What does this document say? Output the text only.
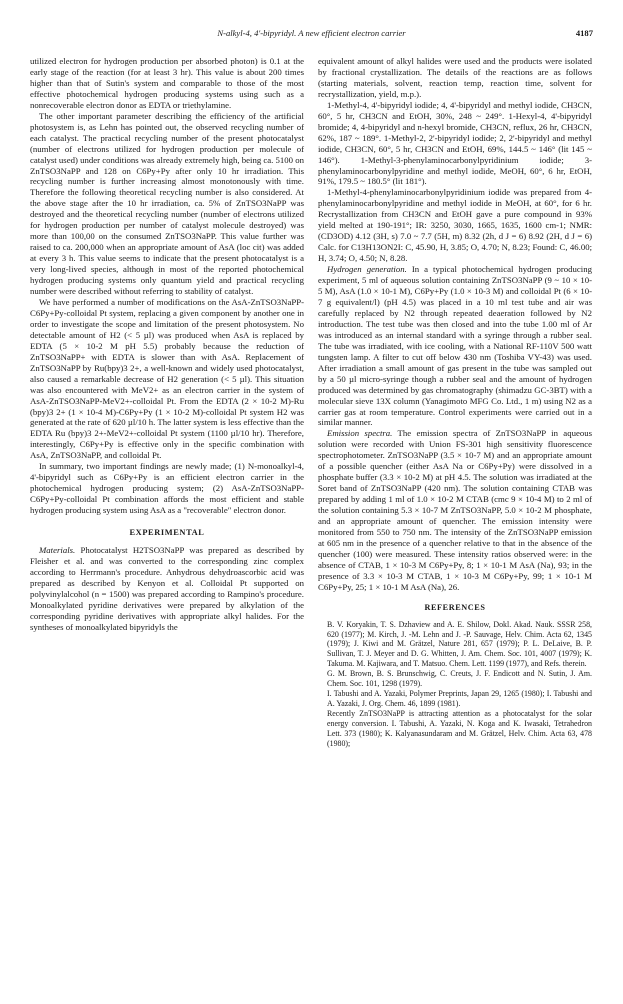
N-alkyl-4, 4'-bipyridyl. A new efficient electron carrier	4187

utilized electron for hydrogen production per absorbed photon) is 0.1 at the early stage of the reaction (for at least 3 hr). This value is about 200 times higher than that of Sutin's system and comparable to those of the most effective photochemical hydrogen producing systems using such as a nonrecoverable electron donor as EDTA or triethylamine.

The other important parameter describing the efficiency of the artificial photosystem is, as Lehn has pointed out, the observed recycling number of each catalyst. The practical recycling number of the present photocatalyst (number of electrons utilized for hydrogen production per molecule of catalyst used) under conditions was already extremely high, being ca. 5100 on ZnTSO3NaPP and 128 on C6Py+Py after only 10 hr irradiation. This recycling number is further increasing almost monotonously with time. Therefore the following theoretical recycling number is also considered. At the above stage after the 10 hr irradiation, ca. 5% of ZnTSO3NaPP was destroyed and the theoretical recycling number (number of electrons utilized for hydrogen production per number of catalyst molecule destroyed) was more than 100,00 on the consumed ZnTSO3NaPP. This value further was raised to ca. 200,000 when an appropriate amount of AsA (loc cit) was added at every 3 h. This value seems to indicate that the present photocatalyst is a very long-lived species, although in most of the reported photochemical hydrogen producing systems only quantum yield and practical recycling number were described without referring to stability of catalyst.

We have performed a number of modifications on the AsA-ZnTSO3NaPP-C6Py+Py-colloidal Pt system, replacing a given component by another one in order to investigate the scope and limitation of the present photosystem. No detectable amount of H2 (< 5 µl) was produced when AsA is replaced by EDTA (5 × 10-2 M pH 5.5) probably because the reduction of ZnTSO3NaPP+ with EDTA is slower than with AsA. Replacement of ZnTSO3NaPP by Ru(bpy)3 2+, a well-known and widely used photocatalyst, also caused a remarkable decrease of H2 generation (< 5 µl). This situation was also encountered with MeV2+ as an electron carrier in the system of AsA-ZnTSO3NaPP-MeV2+-colloidal Pt. From the EDTA (2 × 10-2 M)-Ru (bpy)3 2+ (1 × 10-4 M)-C6Py+Py (1 × 10-2 M)-colloidal Pt system H2 was generated at the rate of 620 µl/10 h. The latter system is less effective than the EDTA Ru (bpy)3 2+-MeV2+-colloidal Pt system (1100 µl/10 hr). Therefore, interestingly, C6Py+Py is effective only in the specific combination with AsA, ZnTSO3NaPP, and colloidal Pt.

In summary, two important findings are newly made; (1) N-monoalkyl-4, 4'-bipyridyl such as C6Py+Py is an efficient electron carrier in the photochemical hydrogen producing system; (2) AsA-ZnTSO3NaPP-C6Py+Py-colloidal Pt combination affords the most efficient and stable hydrogen producing system using AsA as a "recoverable" electron donor.

EXPERIMENTAL

Materials. Photocatalyst H2TSO3NaPP was prepared as described by Fleisher et al. and was converted to the corresponding zinc complex according to Herrmann's procedure. Anhydrous dehydroascorbic acid was prepared as described by Kenyon et al. Colloidal Pt supported on polyvinylalcohol (n = 1500) was prepared according to Rampino's procedure. Monoalkylated pyridine derivatives were prepared by alkylation of the corresponding pyridine derivatives with appropriate alkyl halides. For the syntheses of monoalkylated bipyridyls the

equivalent amount of alkyl halides were used and the products were isolated by fractional crystallization. The details of the reactions are as follows (starting materials, solvent, reaction temp, reaction time, solvent for recrystallization, yield, m.p.).

1-Methyl-4, 4'-bipyridyl iodide; 4, 4'-bipyridyl and methyl iodide, CH3CN, 60°, 5 hr, CH3CN and EtOH, 30%, 248 ~ 249°. 1-Hexyl-4, 4'-bipyridyl bromide; 4, 4-bipyridyl and n-hexyl bromide, CH3CN, reflux, 26 hr, CH3CN, 62%, 187 ~ 189°. 1-Methyl-2, 2'-bipyridyl iodide; 2, 2'-bipyridyl and methyl iodide, CH3CN, 60°, 5 hr, CH3CN and EtOH, 69%, 144.5 ~ 146° (lit 145 ~ 146°). 1-Methyl-3-phenylaminocarbonylpyridinium iodide; 3-phenylaminocarbonylpyridine and methyl iodide, MeOH, 60°, 6 hr, EtOH, 91%, 179.5 ~ 180.5° (lit 181°).

1-Methyl-4-phenylaminocarbonylpyridinium iodide was prepared from 4-phenylaminocarbonylpyridine and methyl iodide in MeOH, at 60°, for 6 hr. Recrystallization from CH3CN and EtOH gave a pure compound in 93% yield melted at 190-191°; IR: 3250, 3030, 1665, 1635, 1600 cm-1; NMR: (CD3OD) 4.12 (3H, s) 7.0 ~ 7.7 (5H, m) 8.32 (2h, d J = 6) 8.92 (2H, d J = 6) Calc. for C13H13ON2I: C, 45.90, H, 3.85; O, 4.70; N, 8.23; Found: C, 46.00; H, 3.74; O, 4.50; N, 8.28.

Hydrogen generation. In a typical photochemical hydrogen producing experiment, 5 ml of aqueous solution containing ZnTSO3NaPP (9 ~ 10 × 10-5 M), AsA (1.0 × 10-1 M), C6Py+Py (1.0 × 10-3 M) and colloidal Pt (6 × 10-7 g equivalent/l) (pH 4.5) was placed in a 10 ml test tube and air was carefully replaced by N2 through repeated deaeration followed by N2 introduction. The test tube was then closed and into the tube 1.00 ml of Ar was introduced as an internal standard with a syringe through a rubber seal. The tube was irradiated, with ice cooling, with a National RF-110V 500 watt tungsten lamp. A filter to cut off below 430 nm (Toshiba VY-43) was used. After irradiation a small amount of gas present in the tube was sampled out by a 50 µl micro-syringe though a rubber seal and the amount of hydrogen produced was determined by gas chromatography (shimadzu GC-3BT) with a molecular sieve 13X column (Yanagimoto MFG Co. Ltd., 1 m) using N2 as a carrier gas at room temperature. Control experiments were carried out in a similar manner.

Emission spectra. The emission spectra of ZnTSO3NaPP in aqueous solution were recorded with Union FS-301 high sensitivity fluorescence spectrophotometer. ZnTSO3NaPP (3.5 × 10-7 M) and an appropriate amount of a possible quencher (either AsA Na or C6Py+Py) were dissolved in a phosphate buffer (3.3 × 10-2 M) at pH 4.5. The solution was irradiated at the Soret band of ZnTSO3NaPP (420 nm). The solution containing CTAB was prepared by adding 1 ml of 1.0 × 10-2 M CTAB (cmc 9 × 10-4 M) to 2 ml of the solution containing 5.3 × 10-7 M ZnTSO3NaPP, 5.0 × 10-2 M phosphate, and an appropriate amount of quencher. The emission intensity were monitored from 550 to 750 nm. The intensity of the ZnTSO3NaPP emission at 605 nm in the presence of a quencher relative to that in the absence of the quencher (100) were measured. These intensity ratios observed were: in the absence of CTAB, 1 × 10-3 M C6Py+Py, 8; 1 × 10-1 M AsA (Na), 93; in the presence of 3.3 × 10-3 M CTAB, 1 × 10-3 M C6Py+Py, 99; 1 × 10-1 M C6Py+Py, 25; 1 × 10-1 M AsA (Na), 26.

REFERENCES

B. V. Koryakin, T. S. Dzhaview and A. E. Shilow, Dokl. Akad. Nauk. SSSR 258, 620 (1977); M. Kirch, J. -M. Lehn and J. -P. Sauvage, Helv. Chim. Acta 62, 1345 (1979); J. Kiwi and M. Grätzel, Nature 281, 657 (1979); P. L. DeLaive, B. P. Sullivan, T. J. Meyer and D. G. Whitten, J. Am. Chem. Soc. 101, 4007 (1979); K. Takuma. M. Kajiwara, and T. Matsuo. Chem. Lett. 1199 (1977), and Refs. therein.

G. M. Brown, B. S. Brunschwig, C. Creuts, J. F. Endicott and N. Sutin, J. Am. Chem. Soc. 101, 1298 (1979).

I. Tabushi and A. Yazaki, Polymer Preprints, Japan 29, 1265 (1980); I. Tabushi and A. Yazaki, J. Org. Chem. 46, 1899 (1981).

Recently ZnTSO3NaPP is attracting attention as a photocatalyst for the solar energy conversion. I. Tabushi, A. Yazaki, N. Koga and K. Iwasaki, Tetrahedron Lett. 373 (1980); K. Kalyanasundaram and M. Grätzel, Helv. Chim. Acta 63, 478 (1980);
